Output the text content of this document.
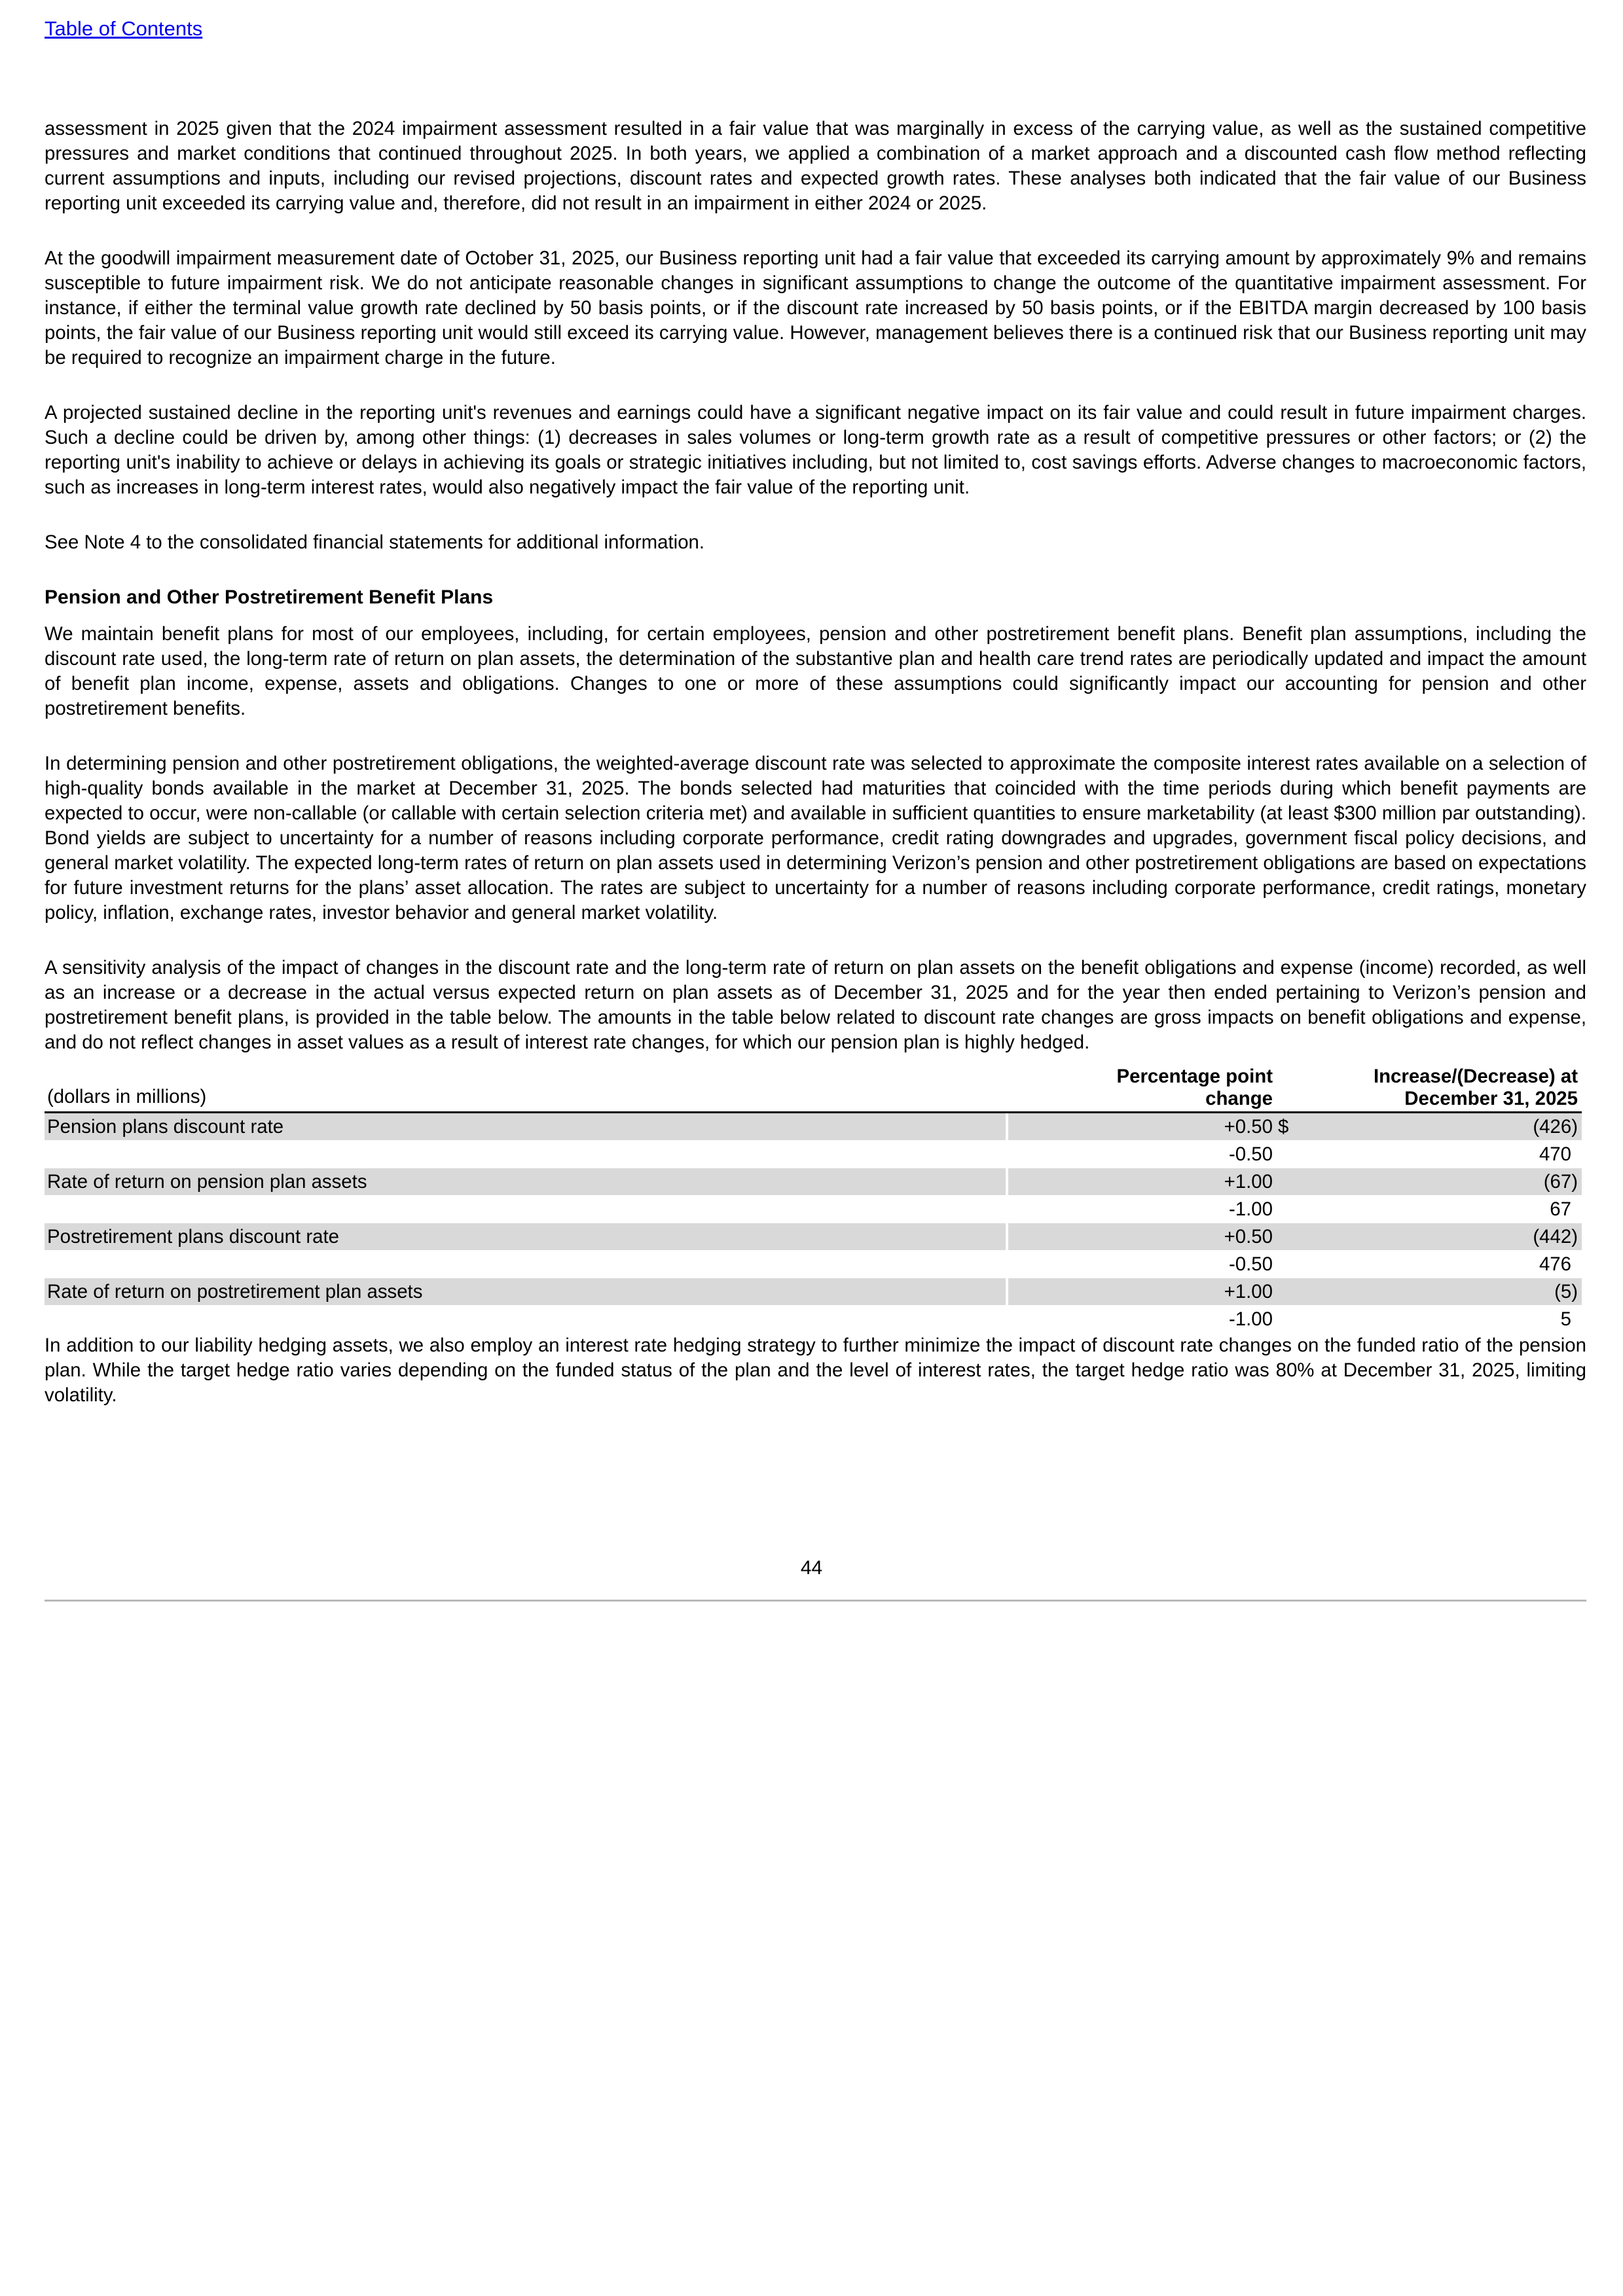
Table of Contents

assessment in 2025 given that the 2024 impairment assessment resulted in a fair value that was marginally in excess of the carrying value, as well as the sustained competitive pressures and market conditions that continued throughout 2025. In both years, we applied a combination of a market approach and a discounted cash flow method reflecting current assumptions and inputs, including our revised projections, discount rates and expected growth rates. These analyses both indicated that the fair value of our Business reporting unit exceeded its carrying value and, therefore, did not result in an impairment in either 2024 or 2025.

At the goodwill impairment measurement date of October 31, 2025, our Business reporting unit had a fair value that exceeded its carrying amount by approximately 9% and remains susceptible to future impairment risk. We do not anticipate reasonable changes in significant assumptions to change the outcome of the quantitative impairment assessment. For instance, if either the terminal value growth rate declined by 50 basis points, or if the discount rate increased by 50 basis points, or if the EBITDA margin decreased by 100 basis points, the fair value of our Business reporting unit would still exceed its carrying value. However, management believes there is a continued risk that our Business reporting unit may be required to recognize an impairment charge in the future.

A projected sustained decline in the reporting unit's revenues and earnings could have a significant negative impact on its fair value and could result in future impairment charges. Such a decline could be driven by, among other things: (1) decreases in sales volumes or long-term growth rate as a result of competitive pressures or other factors; or (2) the reporting unit's inability to achieve or delays in achieving its goals or strategic initiatives including, but not limited to, cost savings efforts. Adverse changes to macroeconomic factors, such as increases in long-term interest rates, would also negatively impact the fair value of the reporting unit.

See Note 4 to the consolidated financial statements for additional information.

Pension and Other Postretirement Benefit Plans

We maintain benefit plans for most of our employees, including, for certain employees, pension and other postretirement benefit plans. Benefit plan assumptions, including the discount rate used, the long-term rate of return on plan assets, the determination of the substantive plan and health care trend rates are periodically updated and impact the amount of benefit plan income, expense, assets and obligations. Changes to one or more of these assumptions could significantly impact our accounting for pension and other postretirement benefits.

In determining pension and other postretirement obligations, the weighted-average discount rate was selected to approximate the composite interest rates available on a selection of high-quality bonds available in the market at December 31, 2025. The bonds selected had maturities that coincided with the time periods during which benefit payments are expected to occur, were non-callable (or callable with certain selection criteria met) and available in sufficient quantities to ensure marketability (at least $300 million par outstanding). Bond yields are subject to uncertainty for a number of reasons including corporate performance, credit rating downgrades and upgrades, government fiscal policy decisions, and general market volatility. The expected long-term rates of return on plan assets used in determining Verizon’s pension and other postretirement obligations are based on expectations for future investment returns for the plans’ asset allocation. The rates are subject to uncertainty for a number of reasons including corporate performance, credit ratings, monetary policy, inflation, exchange rates, investor behavior and general market volatility.

A sensitivity analysis of the impact of changes in the discount rate and the long-term rate of return on plan assets on the benefit obligations and expense (income) recorded, as well as an increase or a decrease in the actual versus expected return on plan assets as of December 31, 2025 and for the year then ended pertaining to Verizon’s pension and postretirement benefit plans, is provided in the table below. The amounts in the table below related to discount rate changes are gross impacts on benefit obligations and expense, and do not reflect changes in asset values as a result of interest rate changes, for which our pension plan is highly hedged.

(dollars in millions)
Percentage point
change
Increase/(Decrease) at
December 31, 2025
Pension plans discount rate	+0.50 $	(426)
-0.50	470
Rate of return on pension plan assets	+1.00	(67)
-1.00	67
Postretirement plans discount rate	+0.50	(442)
-0.50	476
Rate of return on postretirement plan assets	+1.00	(5)
-1.00	5

In addition to our liability hedging assets, we also employ an interest rate hedging strategy to further minimize the impact of discount rate changes on the funded ratio of the pension plan. While the target hedge ratio varies depending on the funded status of the plan and the level of interest rates, the target hedge ratio was 80% at December 31, 2025, limiting volatility.

44
